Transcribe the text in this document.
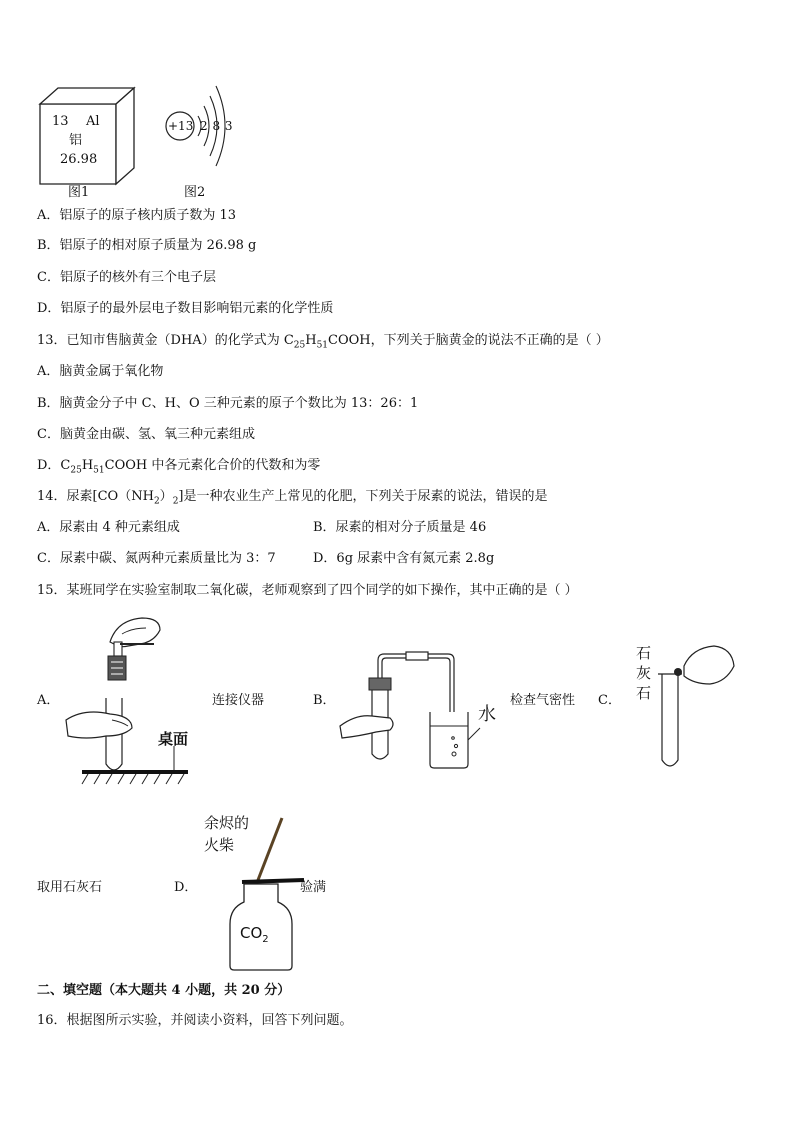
13 Al
铝
26.98
图1
+13 2 8 3
图2
A．铝原子的原子核内质子数为 13
B．铝原子的相对原子质量为 26.98 g
C．铝原子的核外有三个电子层
D．铝原子的最外层电子数目影响铝元素的化学性质
13．已知市售脑黄金（DHA）的化学式为 $C_{25}H_{51}COOH$，下列关于脑黄金的说法不正确的是（ ）
A．脑黄金属于氧化物
B．脑黄金分子中 C、H、O 三种元素的原子个数比为 13：26：1
C．脑黄金由碳、氢、氧三种元素组成
D．$C_{25}H_{51}COOH$ 中各元素化合价的代数和为零
14．尿素$[CO(NH_2)_2]$是一种农业生产上常见的化肥，下列关于尿素的说法，错误的是
A．尿素由 4 种元素组成	B．尿素的相对分子质量是 46
C．尿素中碳、氮两种元素质量比为 3：7	D．6g 尿素中含有氮元素 2.8g
15．某班同学在实验室制取二氧化碳，老师观察到了四个同学的如下操作，其中正确的是（ ）
A．
桌面
连接仪器	B．
水
检查气密性 C．
石
灰
石
取用石灰石	D．
余烬的
火柴
$CO_2$
验满
二、填空题（本大题共 4 小题，共 20 分）
16．根据图所示实验，并阅读小资料，回答下列问题。
